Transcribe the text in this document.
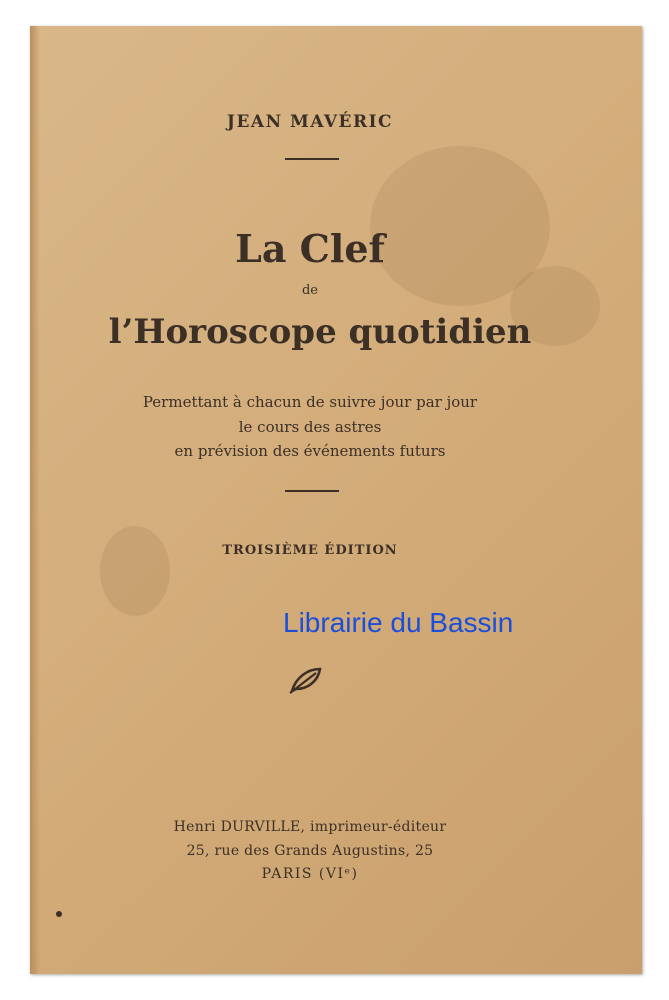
JEAN MAVÉRIC
La Clef
de
l’Horoscope quotidien
Permettant à chacun de suivre jour par jour
le cours des astres
en prévision des événements futurs
TROISIÈME ÉDITION
Librairie du Bassin
Henri DURVILLE, imprimeur-éditeur
25, rue des Grands Augustins, 25
PARIS (VIᵉ)
